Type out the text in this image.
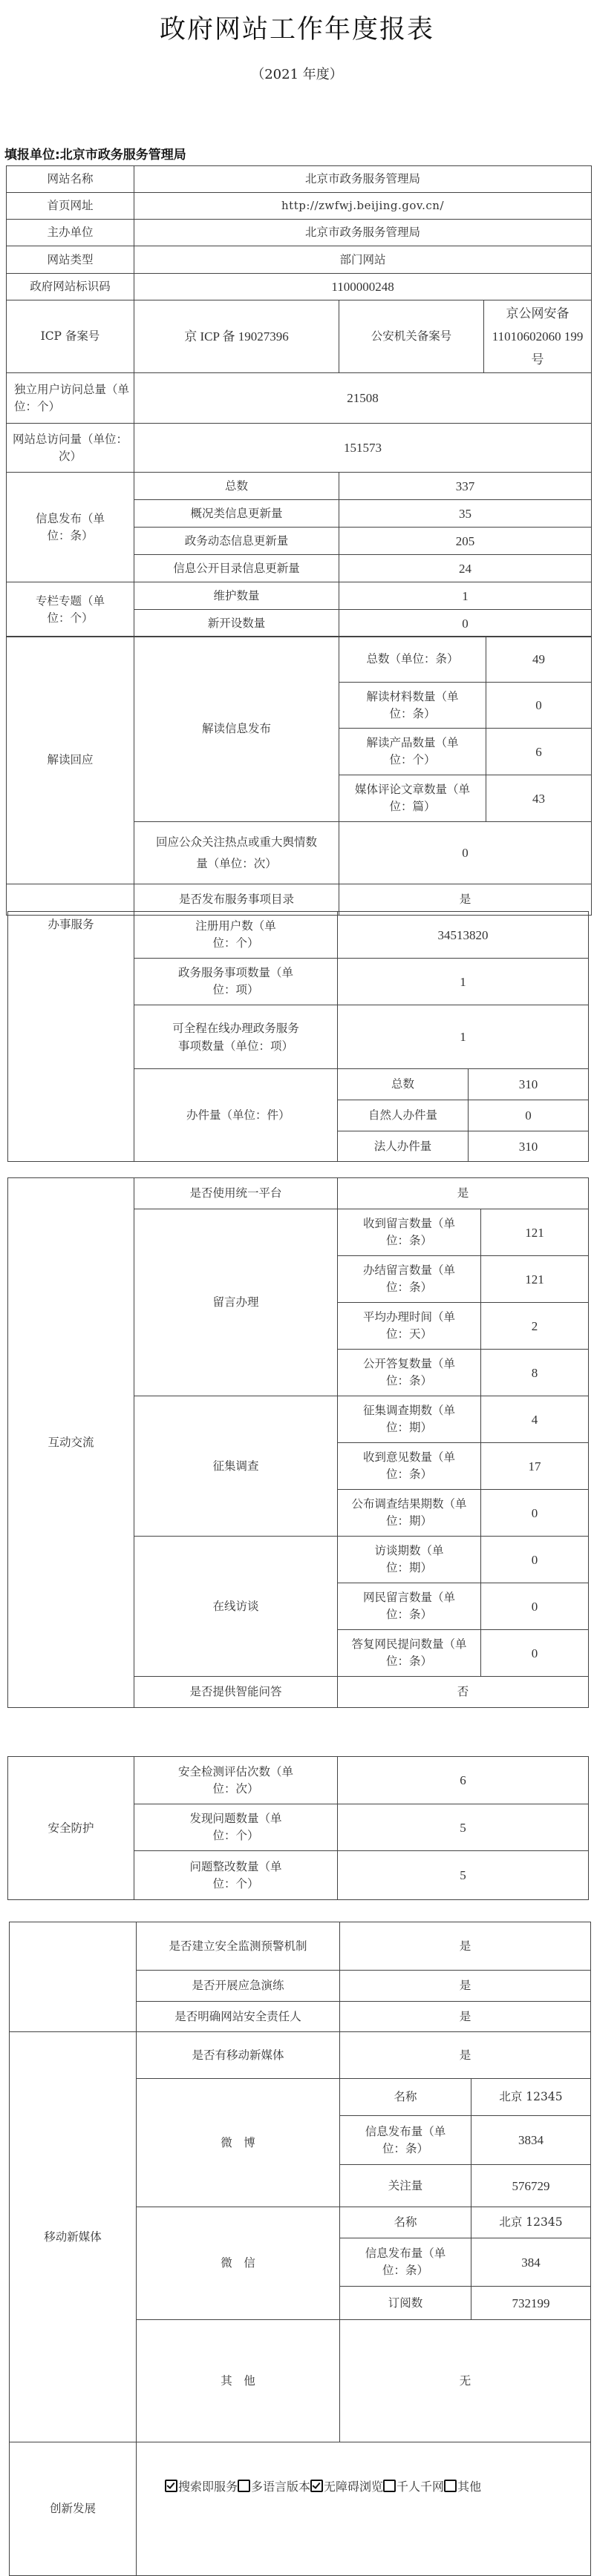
政府网站工作年度报表
（2021 年度）
填报单位:北京市政务服务管理局
网站名称	北京市政务服务管理局		
首页网址	http://zwfwj.beijing.gov.cn/		
主办单位	北京市政务服务管理局		
网站类型	部门网站		
政府网站标识码	1100000248		
ICP 备案号	京 ICP 备 19027396	公安机关备案号	京公网安备 11010602060 199 号
独立用户访问总量（单位：个）	21508		
网站总访问量（单位：次）	151573		
信息发布（单位：条）	总数	337	
	概况类信息更新量	35	
	政务动态信息更新量	205	
	信息公开目录信息更新量	24	
专栏专题（单位：个）	维护数量	1	
	新开设数量	0	
解读回应	解读信息发布	总数（单位：条）	49
		解读材料数量（单位：条）	0
		解读产品数量（单位：个）	6
		媒体评论文章数量（单位：篇）	43
	回应公众关注热点或重大舆情数量（单位：次）	0	
	是否发布服务事项目录	是	
办事服务	注册用户数（单位：个）	34513820	
	政务服务事项数量（单位：项）	1	
	可全程在线办理政务服务事项数量（单位：项）	1	
	办件量（单位：件）	总数	310
		自然人办件量	0
		法人办件量	310
互动交流	是否使用统一平台	是	
	留言办理	收到留言数量（单位：条）	121
		办结留言数量（单位：条）	121
		平均办理时间（单位：天）	2
		公开答复数量（单位：条）	8
	征集调查	征集调查期数（单位：期）	4
		收到意见数量（单位：条）	17
		公布调查结果期数（单位：期）	0
	在线访谈	访谈期数（单位：期）	0
		网民留言数量（单位：条）	0
		答复网民提问数量（单位：条）	0
	是否提供智能问答	否	
安全防护	安全检测评估次数（单位：次）	6
	发现问题数量（单位：个）	5
	问题整改数量（单位：个）	5
	是否建立安全监测预警机制	是
	是否开展应急演练	是
	是否明确网站安全责任人	是
移动新媒体	是否有移动新媒体	是	
	微　博	名称	北京 12345
		信息发布量（单位：条）	3834
		关注量	576729
	微　信	名称	北京 12345
		信息发布量（单位：条）	384
		订阅数	732199
	其　他	无	
创新发展	搜索即服务 多语言版本 无障碍浏览 千人千网 其他		
